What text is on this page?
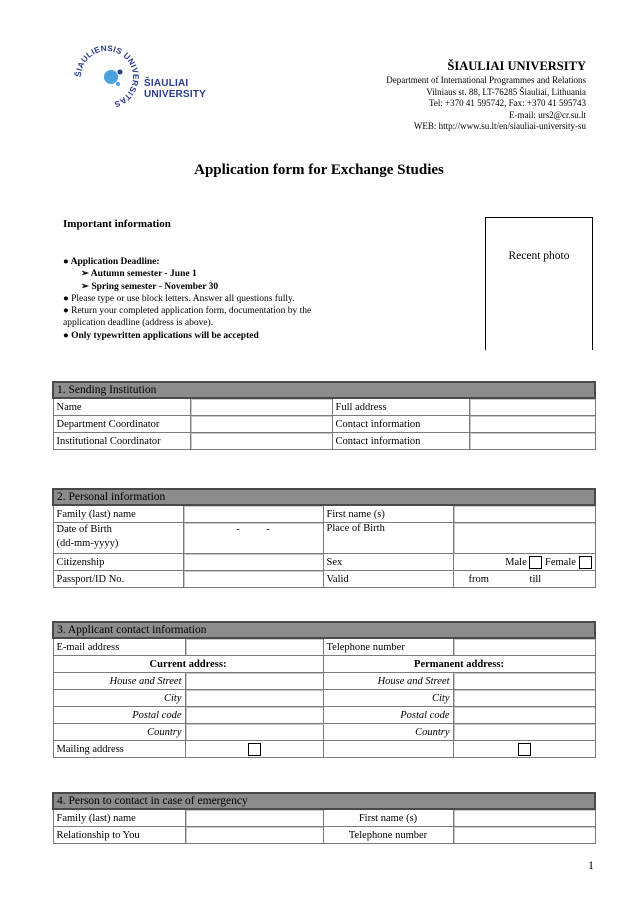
ŠIAULIENSIS UNIVERSITAS
ŠIAULIAI
UNIVERSITY
ŠIAULIAI UNIVERSITY
Department of International Programmes and Relations
Vilniaus st. 88, LT-76285 Šiauliai, Lithuania
Tel: +370 41 595742, Fax: +370 41 595743
E-mail: urs2@cr.su.lt
WEB: http://www.su.lt/en/siauliai-university-su
Application form for Exchange Studies
Important information
● Application Deadline:
➢ Autumn semester - June 1
➢ Spring semester - November 30
● Please type or use block letters. Answer all questions fully.
● Return your completed application form, documentation by the
application deadline (address is above).
● Only typewritten applications will be accepted
Recent photo
1. Sending Institution			
Name		Full address	
Department Coordinator		Contact information	
Institutional Coordinator		Contact information	
2. Personal information			
Family (last) name		First name (s)	

Date of Birth
(dd-mm-yyyy)	-          -	Place of Birth	
Citizenship		Sex	Male Female
Passport/ID No.		Valid	from till
3. Applicant contact information			
E-mail address		Telephone number	
Current address:		Permanent address:	
House and Street		House and Street	
City		City	
Postal code		Postal code	
Country		Country	
Mailing address			
4. Person to contact in case of emergency			
Family (last) name		First name (s)	
Relationship to You		Telephone number	
1
